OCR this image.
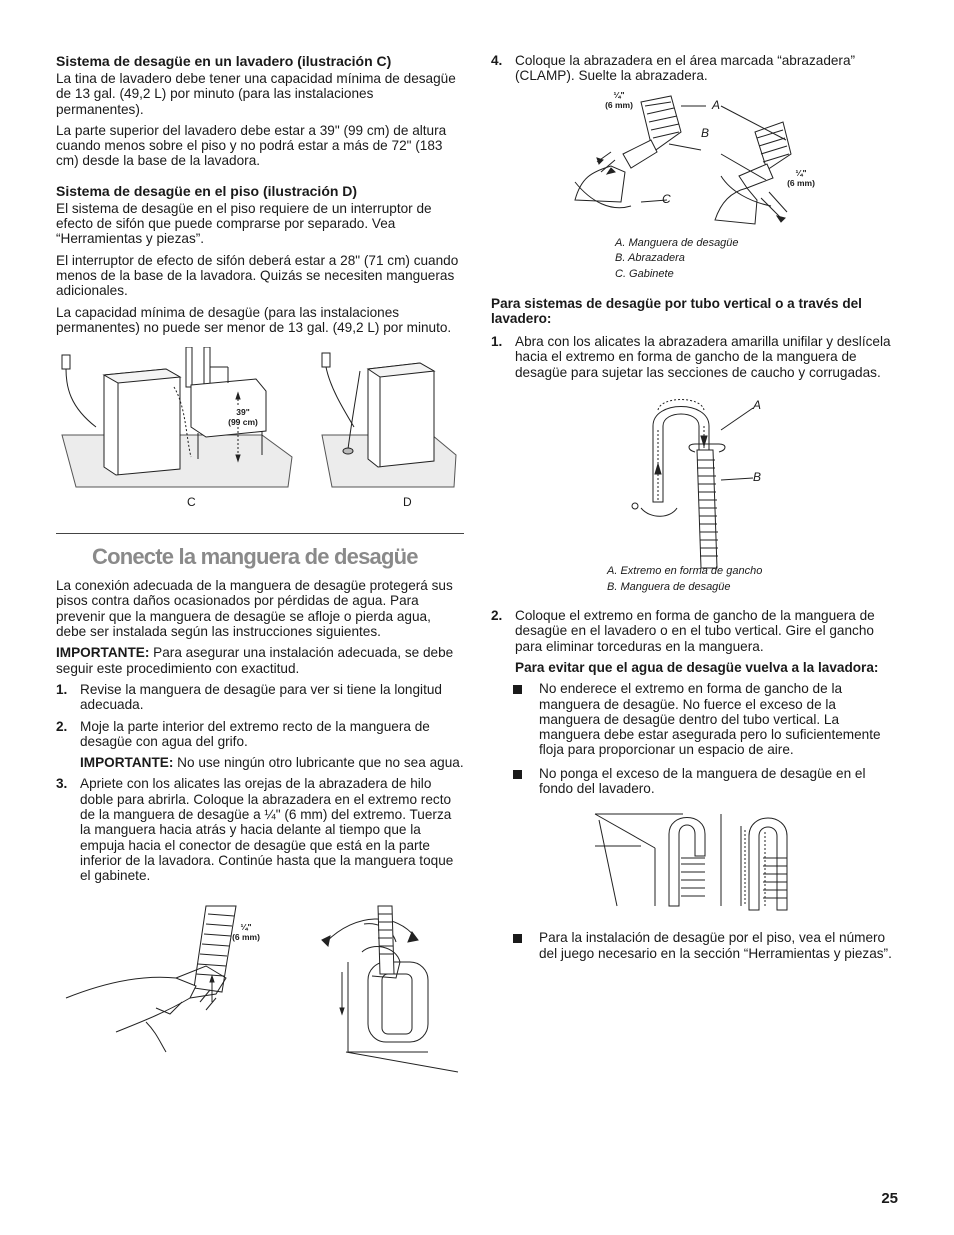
Sistema de desagüe en un lavadero (ilustración C)

La tina de lavadero debe tener una capacidad mínima de desagüe de 13 gal. (49,2 L) por minuto (para las instalaciones permanentes).

La parte superior del lavadero debe estar a 39" (99 cm) de altura cuando menos sobre el piso y no podrá estar a más de 72" (183 cm) desde la base de la lavadora.

Sistema de desagüe en el piso (ilustración D)

El sistema de desagüe en el piso requiere de un interruptor de efecto de sifón que puede comprarse por separado. Vea “Herramientas y piezas”.

El interruptor de efecto de sifón deberá estar a 28" (71 cm) cuando menos de la base de la lavadora. Quizás se necesiten mangueras adicionales.

La capacidad mínima de desagüe (para las instalaciones permanentes) no puede ser menor de 13 gal. (49,2 L) por minuto.

39"
(99 cm)
C	D
Conecte la manguera de desagüe

La conexión adecuada de la manguera de desagüe protegerá sus pisos contra daños ocasionados por pérdidas de agua. Para prevenir que la manguera de desagüe se afloje o pierda agua, debe ser instalada según las instrucciones siguientes.

IMPORTANTE: Para asegurar una instalación adecuada, se debe seguir este procedimiento con exactitud.

1. Revise la manguera de desagüe para ver si tiene la longitud adecuada.
2. Moje la parte interior del extremo recto de la manguera de desagüe con agua del grifo.

IMPORTANTE: No use ningún otro lubricante que no sea agua.

3. Apriete con los alicates las orejas de la abrazadera de hilo doble para abrirla. Coloque la abrazadera en el extremo recto de la manguera de desagüe a ¼" (6 mm) del extremo. Tuerza la manguera hacia atrás y hacia delante al tiempo que la empuja hacia el conector de desagüe que está en la parte inferior de la lavadora. Continúe hasta que la manguera toque el gabinete.
¼"
(6 mm)
4. Coloque la abrazadera en el área marcada “abrazadera” (CLAMP). Suelte la abrazadera.
¼"
(6 mm)
¼"
(6 mm)
A
B
C
A. Manguera de desagüe
B. Abrazadera
C. Gabinete
Para sistemas de desagüe por tubo vertical o a través del lavadero:
1. Abra con los alicates la abrazadera amarilla unifilar y deslícela hacia el extremo en forma de gancho de la manguera de desagüe para sujetar las secciones de caucho y corrugadas.
A
B
A. Extremo en forma de gancho
B. Manguera de desagüe
2. Coloque el extremo en forma de gancho de la manguera de desagüe en el lavadero o en el tubo vertical. Gire el gancho para eliminar torceduras en la manguera.

Para evitar que el agua de desagüe vuelva a la lavadora:

No enderece el extremo en forma de gancho de la manguera de desagüe. No fuerce el exceso de la manguera de desagüe dentro del tubo vertical. La manguera debe estar asegurada pero lo suficientemente floja para proporcionar un espacio de aire.
No ponga el exceso de la manguera de desagüe en el fondo del lavadero.
Para la instalación de desagüe por el piso, vea el número del juego necesario en la sección “Herramientas y piezas”.
25
